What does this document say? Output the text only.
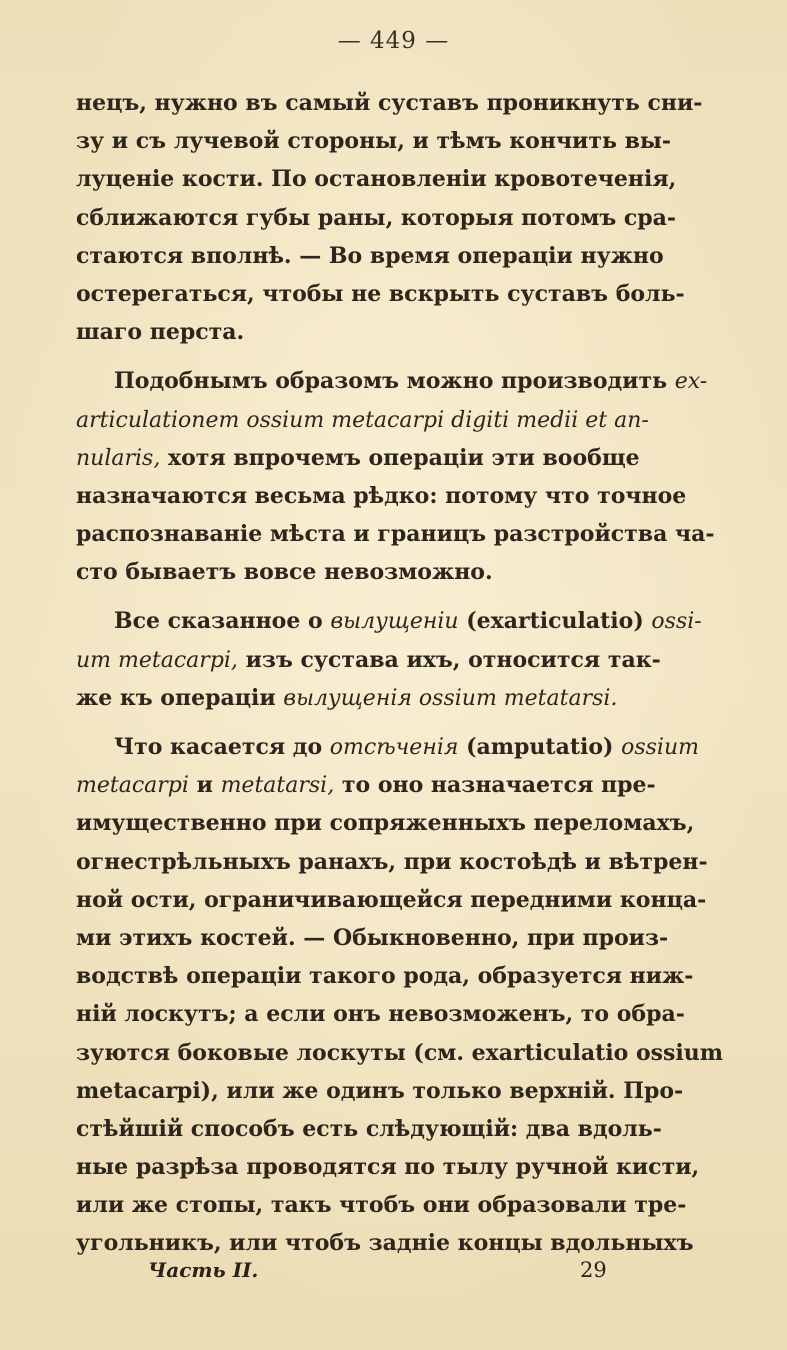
— 449 —
нецъ, нужно въ самый суставъ проникнуть сни-
зу и съ лучевой стороны, и тѣмъ кончить вы-
луценіе кости. По остановленіи кровотеченія,
сближаются губы раны, которыя потомъ сра-
стаются вполнѣ. — Во время операціи нужно
остерегаться, чтобы не вскрыть суставъ боль-
шаго перста.
Подобнымъ образомъ можно производить ex-
articulationem ossium metacarpi digiti medii et an-
nularis, хотя впрочемъ операціи эти вообще
назначаются весьма рѣдко: потому что точное
распознаваніе мѣста и границъ разстройства ча-
сто бываетъ вовсе невозможно.
Все сказанное о вылущеніи (exarticulatio) ossi-
um metacarpi, изъ сустава ихъ, относится так-
же къ операціи вылущенія ossium metatarsi.
Что касается до отсѣченія (amputatio) ossium
metacarpi и metatarsi, то оно назначается пре-
имущественно при сопряженныхъ переломахъ,
огнестрѣльныхъ ранахъ, при костоѣдѣ и вѣтрен-
ной ости, ограничивающейся передними конца-
ми этихъ костей. — Обыкновенно, при произ-
водствѣ операціи такого рода, образуется ниж-
ній лоскутъ; а если онъ невозможенъ, то обра-
зуются боковые лоскуты (см. exarticulatio ossium
metacarpi), или же одинъ только верхній. Про-
стѣйшій способъ есть слѣдующій: два вдоль-
ные разрѣза проводятся по тылу ручной кисти,
или же стопы, такъ чтобъ они образовали тре-
угольникъ, или чтобъ задніе концы вдольныхъ
Часть II.	29
